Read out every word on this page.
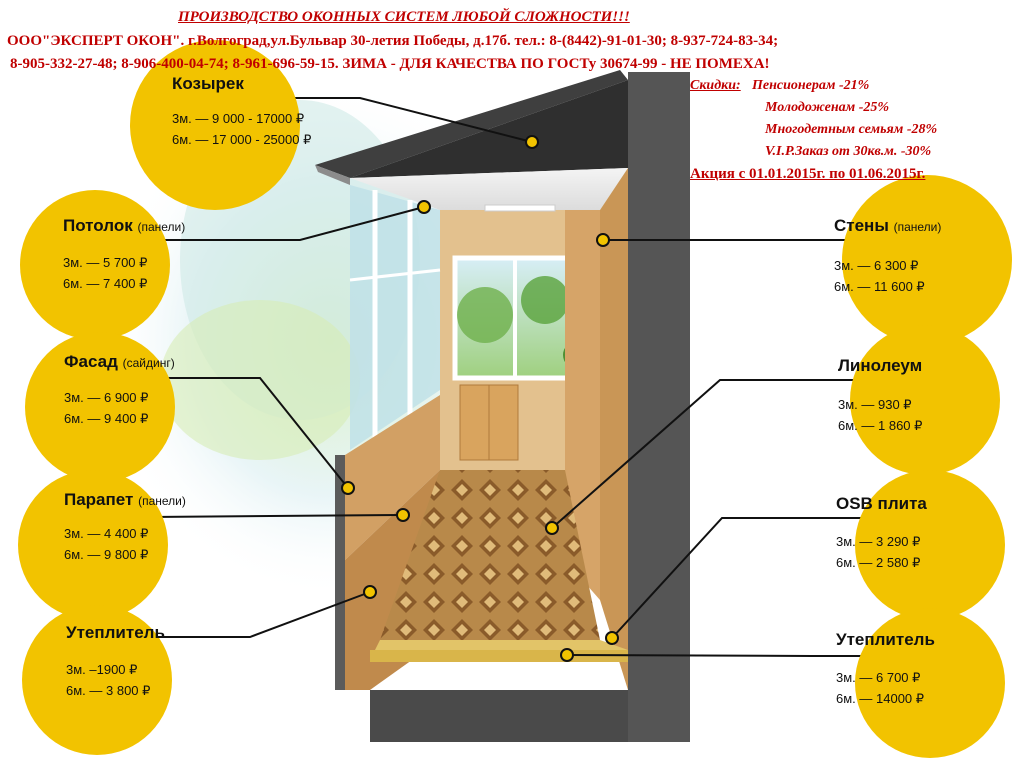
Козырек
3м. — 9 000 - 17000 ₽
6м. — 17 000 - 25000 ₽
Потолок (панели)
3м. — 5 700 ₽
6м. — 7 400 ₽
Фасад (сайдинг)
3м. — 6 900 ₽
6м. — 9 400 ₽
Парапет (панели)
3м. — 4 400 ₽
6м. — 9 800 ₽
Утеплитель
3м. –1900 ₽
6м. — 3 800 ₽
Стены (панели)
3м. — 6 300 ₽
6м. — 11 600 ₽
Линолеум
3м. — 930 ₽
6м. — 1 860 ₽
OSB плита
3м. — 3 290 ₽
6м. — 2 580 ₽
Утеплитель
3м. — 6 700 ₽
6м. — 14000 ₽
ПРОИЗВОДСТВО ОКОННЫХ СИСТЕМ ЛЮБОЙ СЛОЖНОСТИ!!!
ООО"ЭКСПЕРТ ОКОН". г.Волгоград,ул.Бульвар 30-летия Победы, д.17б. тел.: 8-(8442)-91-01-30; 8-937-724-83-34;
8-905-332-27-48; 8-906-400-04-74; 8-961-696-59-15. ЗИМА - ДЛЯ КАЧЕСТВА ПО ГОСТу 30674-99 - НЕ ПОМЕХА!
Скидки: Пенсионерам -21%
Молодоженам -25%
Многодетным семьям -28%
V.I.P.Заказ от 30кв.м. -30%
Акция с 01.01.2015г. по 01.06.2015г.
